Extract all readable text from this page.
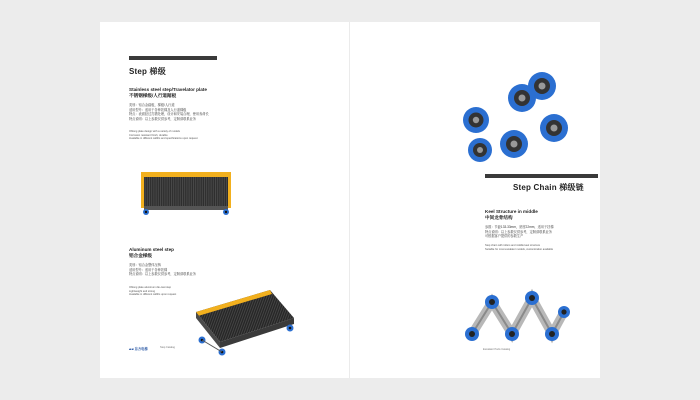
Step 梯级
Stainless steel step/Travelator plate
不锈钢梯级/人行道踏板
类别：铝合金踏板，梯级/人行道
适用型号：适用于各种扶梯及人行道梯级
特点：表面经过打磨处理，设计和安装合理，使用寿命长
特点说明：以上参数仅供参考，定制请联系业务
Oblong plate design with a variety of models
Corrosion resistant finish, durable
Available in different widths and specifications upon request
Aluminum steel step
铝合金梯级
类别：铝合金整体压铸
适用型号：适用于各种扶梯
特点说明：以上参数仅供参考，定制请联系业务
Oblong plate aluminum die-cast step
Lightweight and strong
Available in different widths upon request
▰▰ 东方电梯	Step Catalog
Step Chain 梯级链
Keel Structure in middle
中间龙骨结构
参数：节距133.33mm，宽度22mm，适用于扶梯
特点说明：以上参数仅供参考，定制请联系业务
可根据客户提供的参数生产
Step chain with rollers and middle keel structure
Suitable for most escalator models, customization available
Escalator Parts Catalog
